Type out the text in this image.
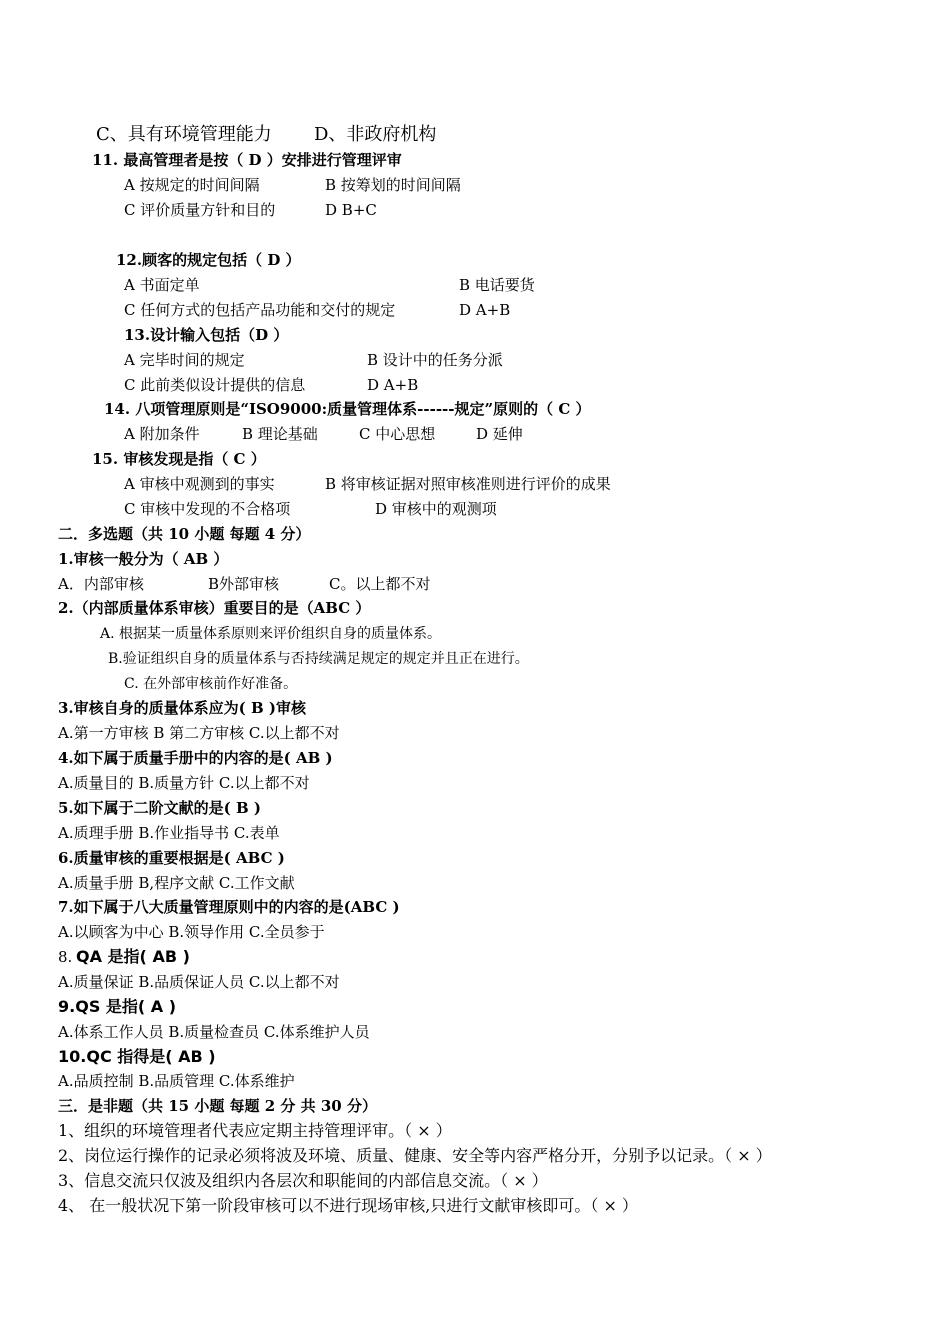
C、具有环境管理能力 D、非政府机构
11. 最高管理者是按（ D ）安排进行管理评审
A 按规定的时间间隔	B 按筹划的时间间隔
C 评价质量方针和目的	D B+C
12.顾客的规定包括（ D ）
A 书面定单	B 电话要货
C 任何方式的包括产品功能和交付的规定	D A+B
13.设计输入包括（D ）
A 完毕时间的规定	B 设计中的任务分派
C 此前类似设计提供的信息	D A+B
14. 八项管理原则是“ISO9000:质量管理体系------规定”原则的（ C ）
A 附加条件	B 理论基础	C 中心思想	D 延伸
15. 审核发现是指（ C ）
A 审核中观测到的事实	B 将审核证据对照审核准则进行评价的成果
C 审核中发现的不合格项	D 审核中的观测项
二．多选题（共 10 小题 每题 4 分）
1.审核一般分为（ AB ）
A．内部审核	B外部审核	C。以上都不对
2.（内部质量体系审核）重要目的是（ABC ）
A. 根据某一质量体系原则来评价组织自身的质量体系。
B.验证组织自身的质量体系与否持续满足规定的规定并且正在进行。
C. 在外部审核前作好准备。
3.审核自身的质量体系应为( B )审核
A.第一方审核 B 第二方审核 C.以上都不对
4.如下属于质量手册中的内容的是( AB )
A.质量目的 B.质量方针 C.以上都不对
5.如下属于二阶文献的是( B )
A.质理手册 B.作业指导书 C.表单
6.质量审核的重要根据是( ABC )
A.质量手册 B,程序文献 C.工作文献
7.如下属于八大质量管理原则中的内容的是(ABC )
A.以顾客为中心 B.领导作用 C.全员参于
8. QA 是指( AB )
A.质量保证 B.品质保证人员 C.以上都不对
9.QS 是指( A )
A.体系工作人员 B.质量检查员 C.体系维护人员
10.QC 指得是( AB )
A.品质控制 B.品质管理 C.体系维护
三．是非题（共 15 小题 每题 2 分 共 30 分）
1、组织的环境管理者代表应定期主持管理评审。（ × ）
2、岗位运行操作的记录必须将波及环境、质量、健康、安全等内容严格分开，分别予以记录。（ × ）
3、信息交流只仅波及组织内各层次和职能间的内部信息交流。（ × ）
4、 在一般状况下第一阶段审核可以不进行现场审核,只进行文献审核即可。（ × ）
